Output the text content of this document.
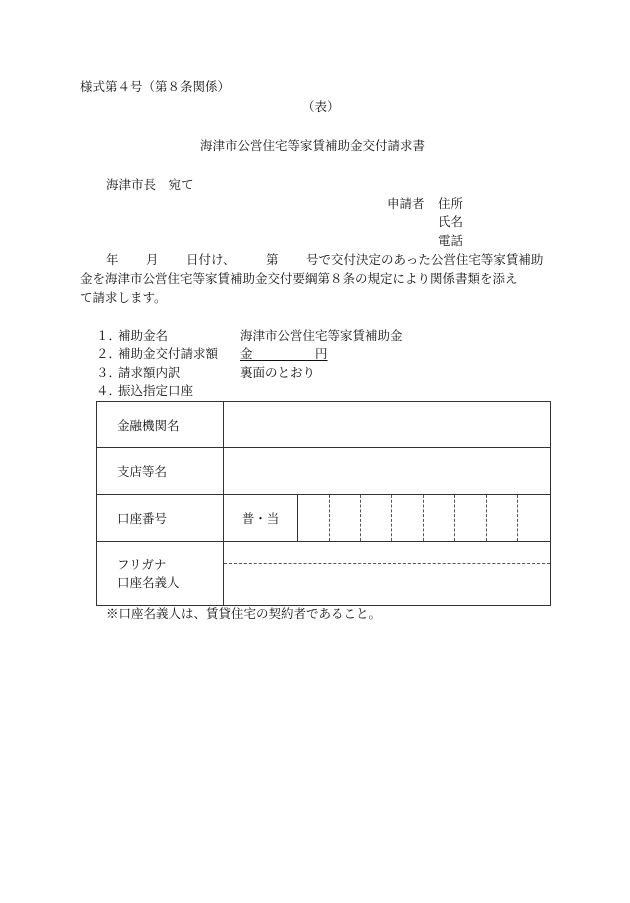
様式第４号（第８条関係）
（表）
海津市公営住宅等家賃補助金交付請求書
海津市長　宛て
申請者 住所
氏名
電話
年 月 日付け、 第 号で交付決定のあった公営住宅等家賃補助
金を海津市公営住宅等家賃補助金交付要綱第８条の規定により関係書類を添え
て請求します。
１．
補助金名	海津市公営住宅等家賃補助金
２．
補助金交付請求額 金　　　　　円
３．
請求額内訳	裏面のとおり
４．
振込指定口座
金融機関名									
支店等名									
口座番号	普・当								

フリガナ
口座名義人									

※口座名義人は、賃貸住宅の契約者であること。
